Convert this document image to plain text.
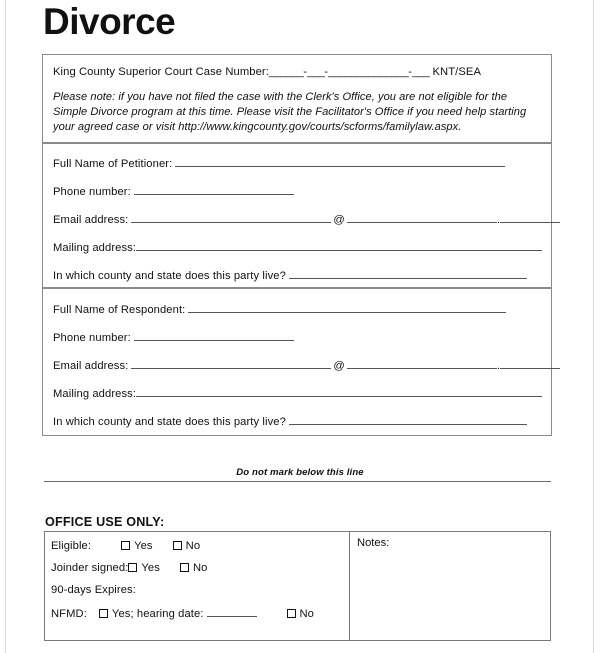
Divorce
King County Superior Court Case Number:______-___-______________-___ KNT/SEA
Please note: if you have not filed the case with the Clerk's Office, you are not eligible for the Simple Divorce program at this time. Please visit the Facilitator's Office if you need help starting your agreed case or visit http://www.kingcounty.gov/courts/scforms/familylaw.aspx.
Full Name of Petitioner:
Phone number:
Email address:	@	.
Mailing address:
In which county and state does this party live?
Full Name of Respondent:
Phone number:
Email address:	@	.
Mailing address:
In which county and state does this party live?
Do not mark below this line
OFFICE USE ONLY:
Notes:
Eligible:	Yes	No
Joinder signed: Yes	No
90-days Expires:
NFMD: Yes; hearing date:	No
